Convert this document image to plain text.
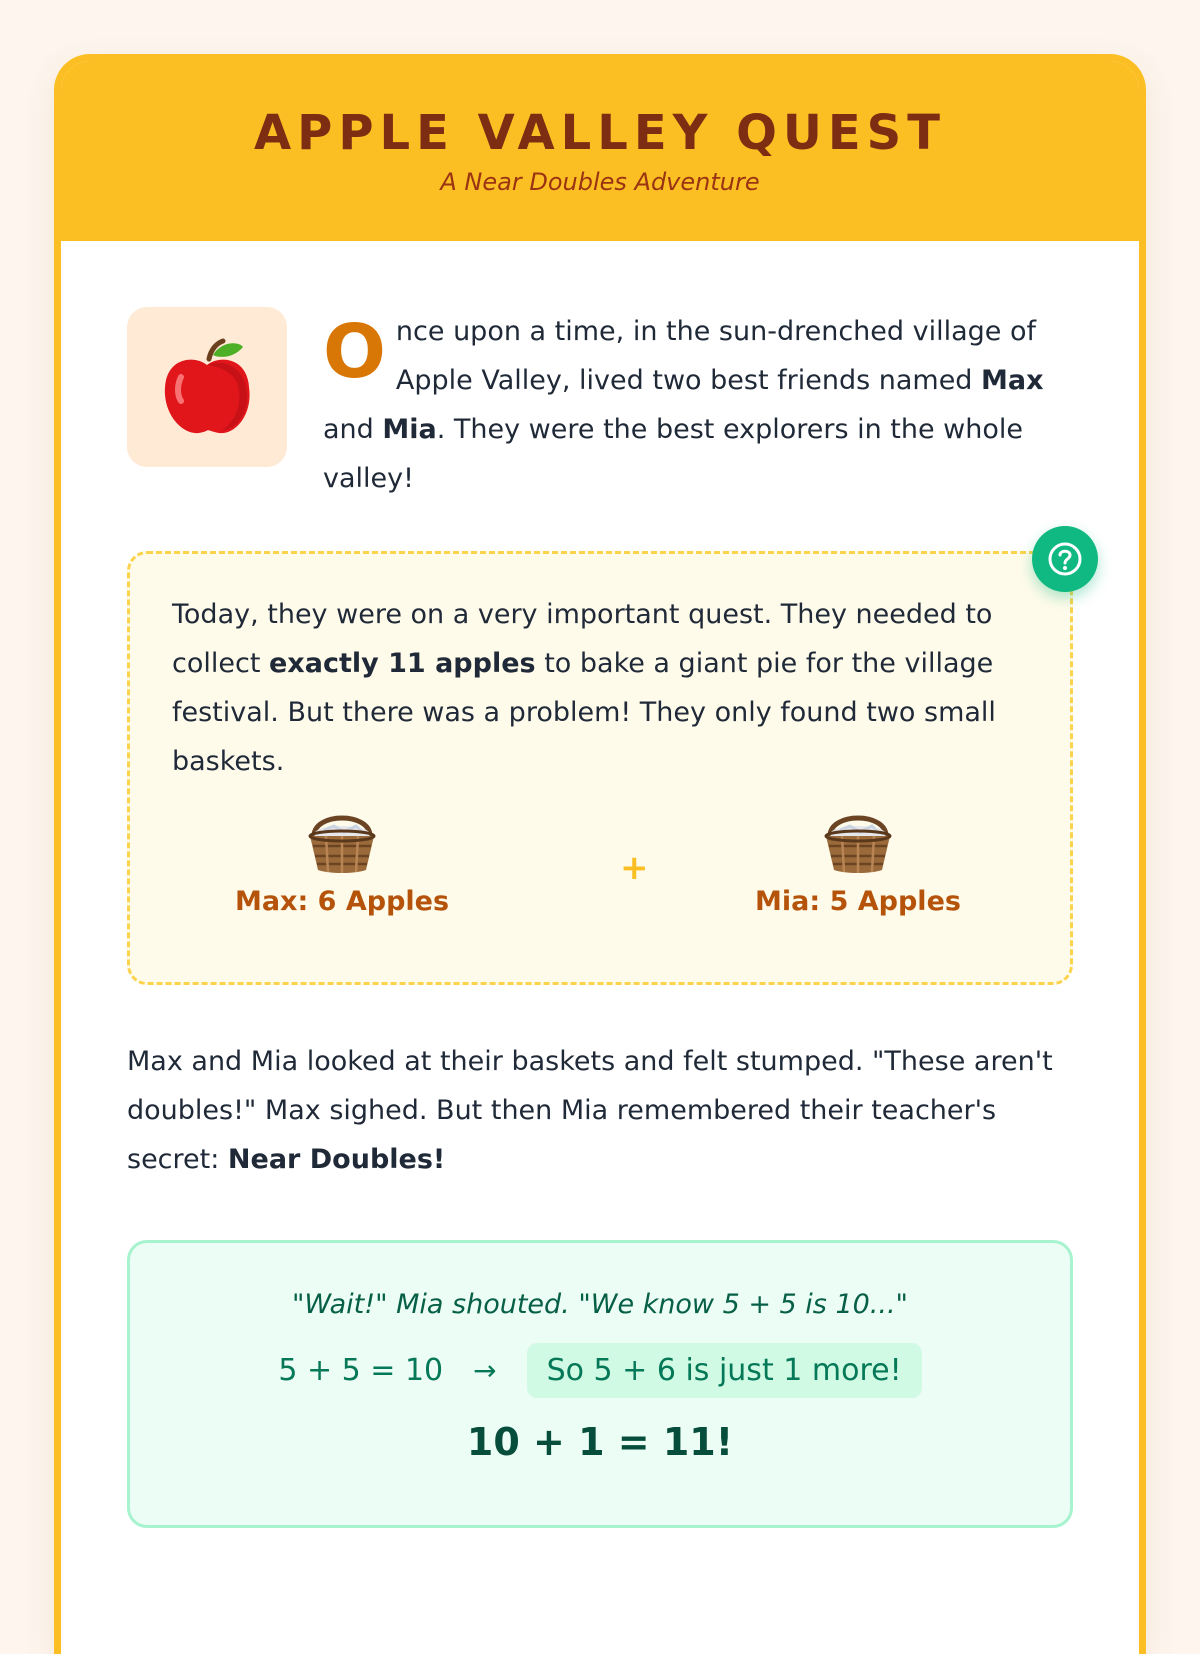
APPLE VALLEY QUEST
A Near Doubles Adventure
Once upon a time, in the sun-drenched village of Apple Valley, lived two best friends named Max and Mia. They were the best explorers in the whole valley!

Today, they were on a very important quest. They needed to collect exactly 11 apples to bake a giant pie for the village festival. But there was a problem! They only found two small baskets.

Max: 6 Apples
+
Mia: 5 Apples
Max and Mia looked at their baskets and felt stumped. "These aren't doubles!" Max sighed. But then Mia remembered their teacher's secret: Near Doubles!
"Wait!" Mia shouted. "We know 5 + 5 is 10..."
5 + 5 = 10 →	So 5 + 6 is just 1 more!
10 + 1 = 11!
